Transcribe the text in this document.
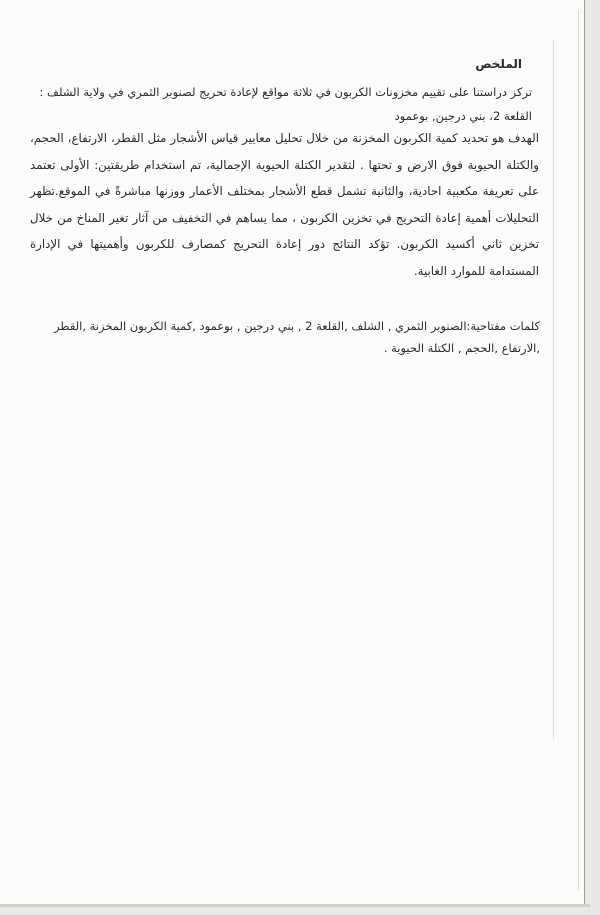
الملخص
تركز دراستنا على تقييم مخزونات الكربون في ثلاثة مواقع لإعادة تحريج لصنوبر الثمري في ولاية الشلف : القلعة 2، بني درجين, بوعمود
الهدف هو تحديد كمية الكربون المخزنة من خلال تحليل معايير قياس الأشجار مثل القطر، الارتفاع، الحجم، والكتلة الحيوية فوق الارض و تحتها . لتقدير الكتلة الحيوية الإجمالية، تم استخدام طريقتين: الأولى تعتمد على تعريفة مكعبية احادية، والثانية تشمل قطع الأشجار بمختلف الأعمار ووزنها مباشرةً في الموقع.تظهر التحليلات أهمية إعادة التحريج في تخزين الكربون ، مما يساهم في التخفيف من آثار تغير المناخ من خلال تخزين ثاني أكسيد الكربون. تؤكد النتائج دور إعادة التحريج كمصارف للكربون وأهميتها في الإدارة المستدامة للموارد الغابية.
كلمات مفتاحية:الصنوبر الثمري , الشلف ,القلعة 2 , بني درجين , بوعمود ,كمية الكربون المخزنة ,القطر ,الارتفاع ,الحجم , الكتلة الحيوية .
